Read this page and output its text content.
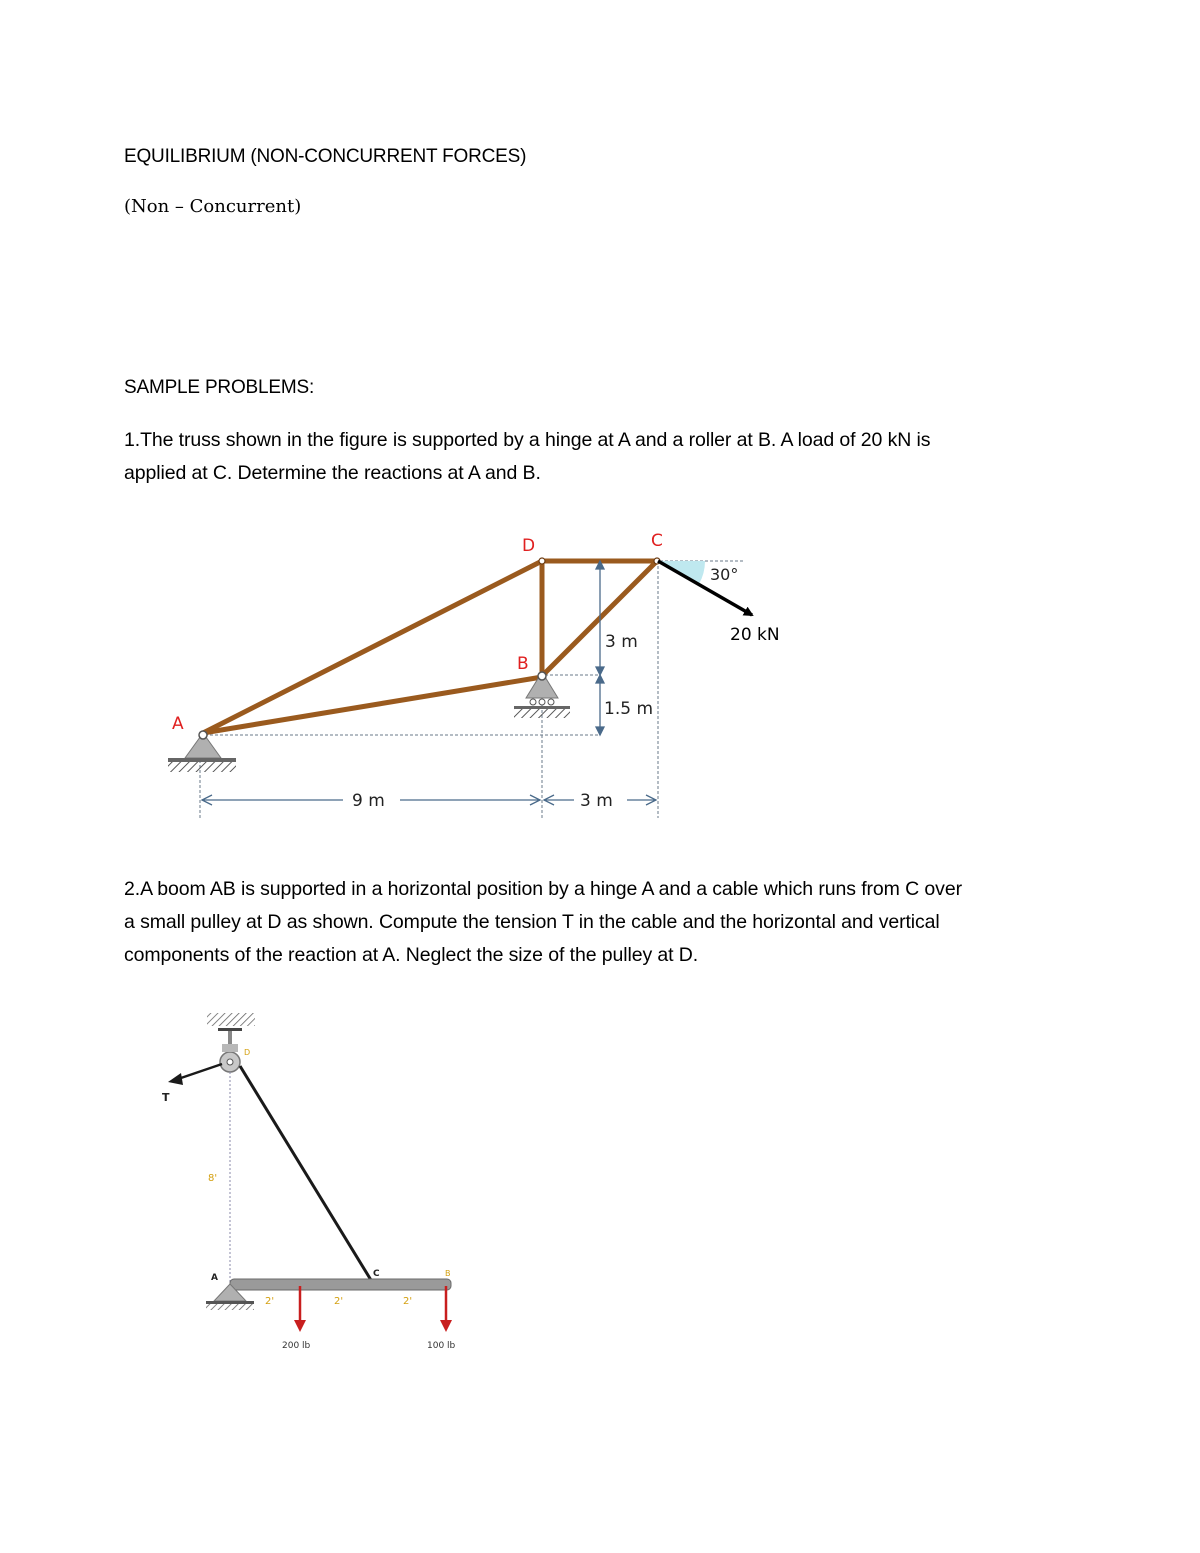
EQUILIBRIUM (NON-CONCURRENT FORCES)
(Non – Concurrent)
SAMPLE PROBLEMS:
1.The truss shown in the figure is supported by a hinge at A and a roller at B. A load of 20 kN is
applied at C. Determine the reactions at A and B.
2.A boom AB is supported in a horizontal position by a hinge A and a cable which runs from C over
a small pulley at D as shown. Compute the tension T in the cable and the horizontal and vertical
components of the reaction at A. Neglect the size of the pulley at D.
A
B
D	C
30°
20 kN
3 m
1.5 m
9 m	3 m
T
D
8'
A	C	B
2'	2'	2'
200 lb	100 lb
